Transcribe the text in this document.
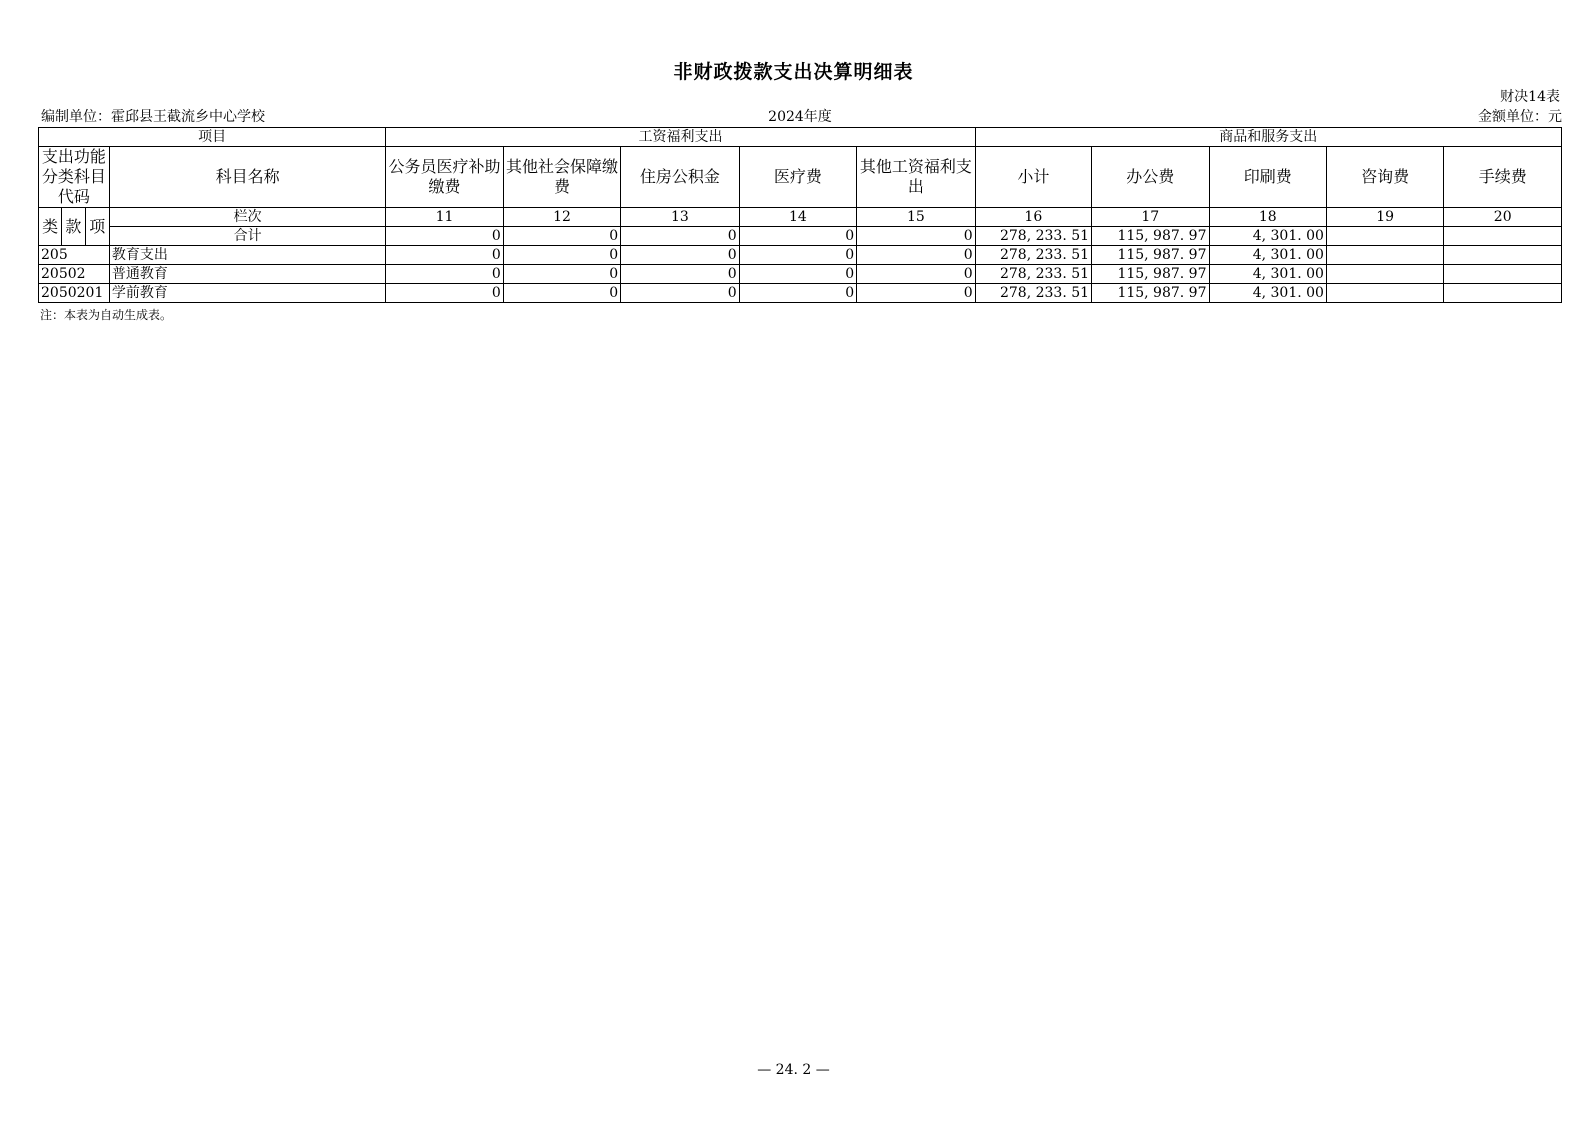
非财政拨款支出决算明细表
财决14表
编制单位：霍邱县王截流乡中心学校	2024年度	金额单位：元
项目				工资福利支出					商品和服务支出				
支出功能分类科目代码			科目名称	公务员医疗补助缴费	其他社会保障缴费	住房公积金	医疗费	其他工资福利支出	小计	办公费	印刷费	咨询费	手续费
类	款	项	栏次	11	12	13	14	15	16	17	18	19	20
			合计	0	0	0	0	0	278, 233. 51	115, 987. 97	4, 301. 00		
205			教育支出	0	0	0	0	0	278, 233. 51	115, 987. 97	4, 301. 00		
20502			普通教育	0	0	0	0	0	278, 233. 51	115, 987. 97	4, 301. 00		
2050201			学前教育	0	0	0	0	0	278, 233. 51	115, 987. 97	4, 301. 00		
注：本表为自动生成表。
— 24. 2 —
